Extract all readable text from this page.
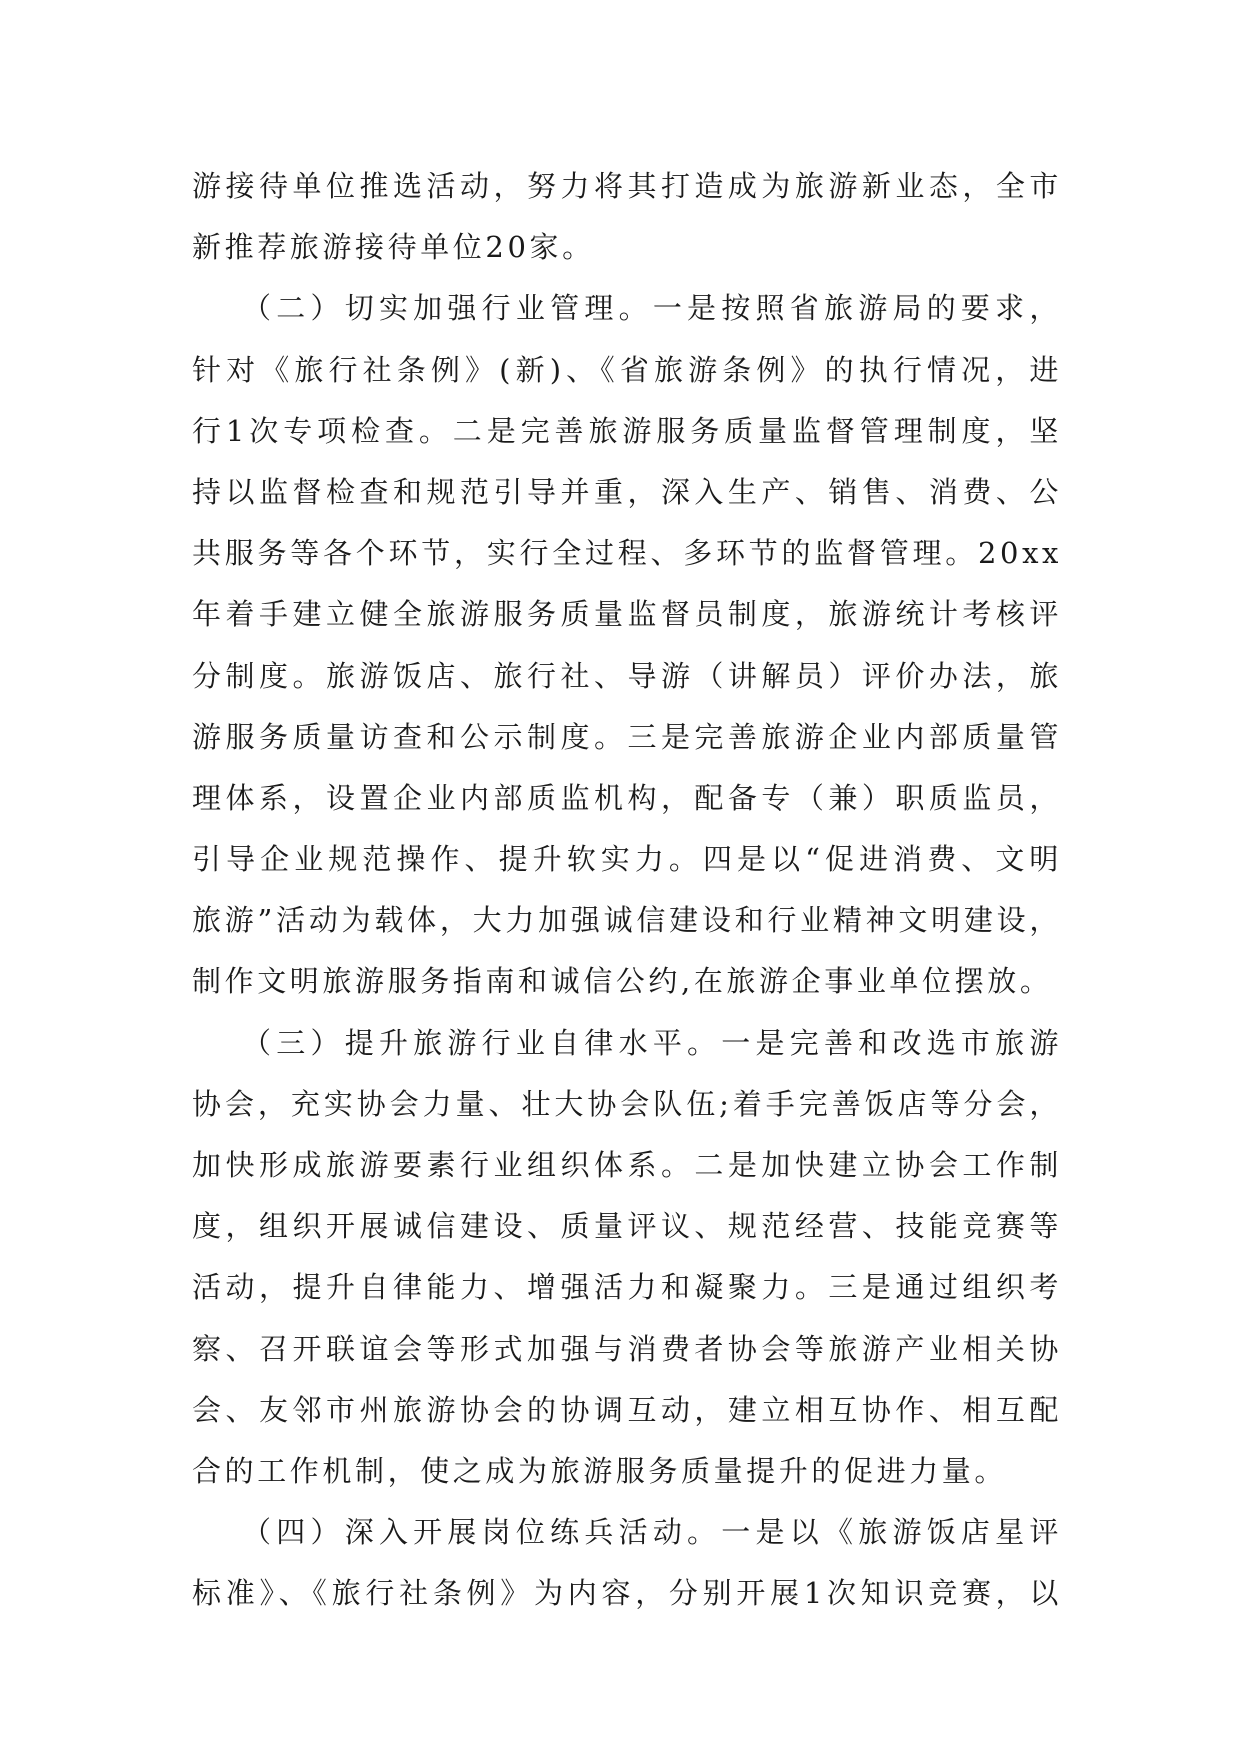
游接待单位推选活动，努力将其打造成为旅游新业态，全市
新推荐旅游接待单位20家。
（二）切实加强行业管理。一是按照省旅游局的要求，
针对《旅行社条例》(新)、《省旅游条例》的执行情况，进
行1次专项检查。二是完善旅游服务质量监督管理制度，坚
持以监督检查和规范引导并重，深入生产、销售、消费、公
共服务等各个环节，实行全过程、多环节的监督管理。20xx
年着手建立健全旅游服务质量监督员制度，旅游统计考核评
分制度。旅游饭店、旅行社、导游（讲解员）评价办法，旅
游服务质量访查和公示制度。三是完善旅游企业内部质量管
理体系，设置企业内部质监机构，配备专（兼）职质监员，
引导企业规范操作、提升软实力。四是以“促进消费、文明
旅游”活动为载体，大力加强诚信建设和行业精神文明建设，
制作文明旅游服务指南和诚信公约,在旅游企事业单位摆放。
（三）提升旅游行业自律水平。一是完善和改选市旅游
协会，充实协会力量、壮大协会队伍;着手完善饭店等分会，
加快形成旅游要素行业组织体系。二是加快建立协会工作制
度，组织开展诚信建设、质量评议、规范经营、技能竞赛等
活动，提升自律能力、增强活力和凝聚力。三是通过组织考
察、召开联谊会等形式加强与消费者协会等旅游产业相关协
会、友邻市州旅游协会的协调互动，建立相互协作、相互配
合的工作机制，使之成为旅游服务质量提升的促进力量。
（四）深入开展岗位练兵活动。一是以《旅游饭店星评
标准》、《旅行社条例》为内容，分别开展1次知识竞赛，以
